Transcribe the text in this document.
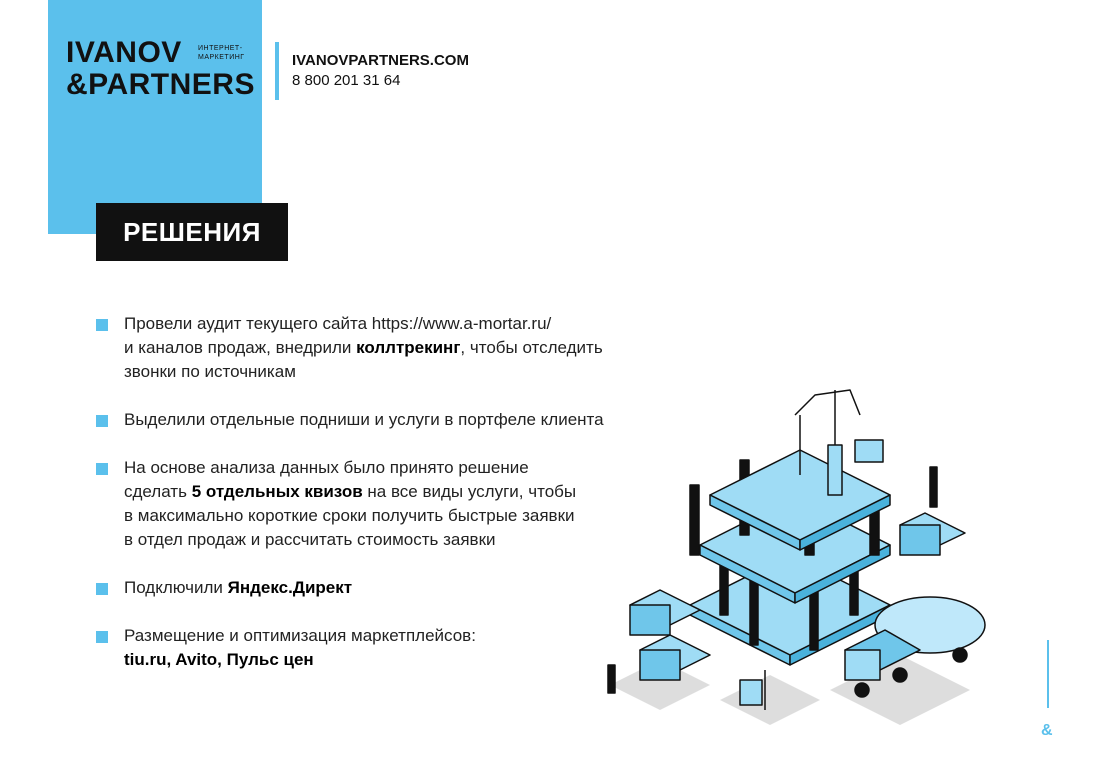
IVANOV ИНТЕРНЕТ-
МАРКЕТИНГ
&PARTNERS
IVANOVPARTNERS.COM
8 800 201 31 64
РЕШЕНИЯ
Провели аудит текущего сайта https://www.a-mortar.ru/
и каналов продаж, внедрили коллтрекинг, чтобы отследить
звонки по источникам
Выделили отдельные подниши и услуги в портфеле клиента
На основе анализа данных было принято решение
сделать 5 отдельных квизов на все виды услуги, чтобы
в максимально короткие сроки получить быстрые заявки
в отдел продаж и рассчитать стоимость заявки
Подключили Яндекс.Директ
Размещение и оптимизация маркетплейсов:
tiu.ru, Avito, Пульс цен
&
